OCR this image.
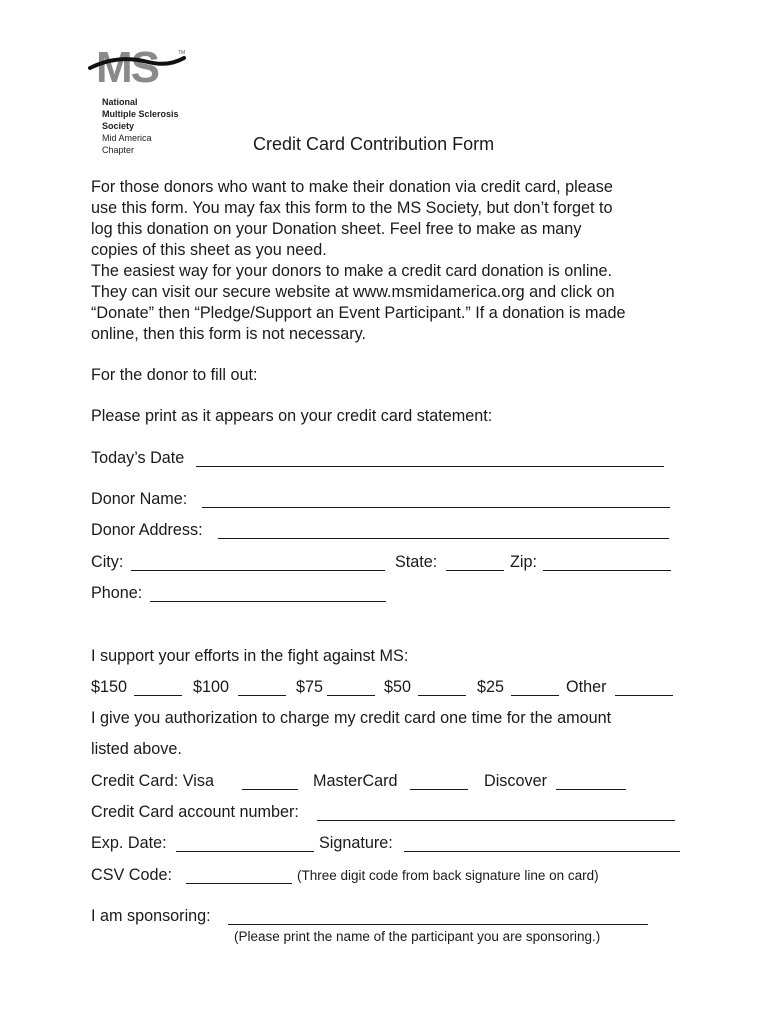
MS	TM
National
Multiple Sclerosis
Society
Mid America
Chapter	Credit Card Contribution Form
For those donors who want to make their donation via credit card, please
use this form. You may fax this form to the MS Society, but don’t forget to
log this donation on your Donation sheet. Feel free to make as many
copies of this sheet as you need.
The easiest way for your donors to make a credit card donation is online.
They can visit our secure website at www.msmidamerica.org and click on
“Donate” then “Pledge/Support an Event Participant.” If a donation is made
online, then this form is not necessary.
For the donor to fill out:
Please print as it appears on your credit card statement:
Today’s Date
Donor Name:
Donor Address:
City:	State:	Zip:
Phone:
I support your efforts in the fight against MS:
$150	$100	$75	$50	$25	Other
I give you authorization to charge my credit card one time for the amount
listed above.
Credit Card: Visa	MasterCard	Discover
Credit Card account number:
Exp. Date:	Signature:
CSV Code:	(Three digit code from back signature line on card)
I am sponsoring:
(Please print the name of the participant you are sponsoring.)
